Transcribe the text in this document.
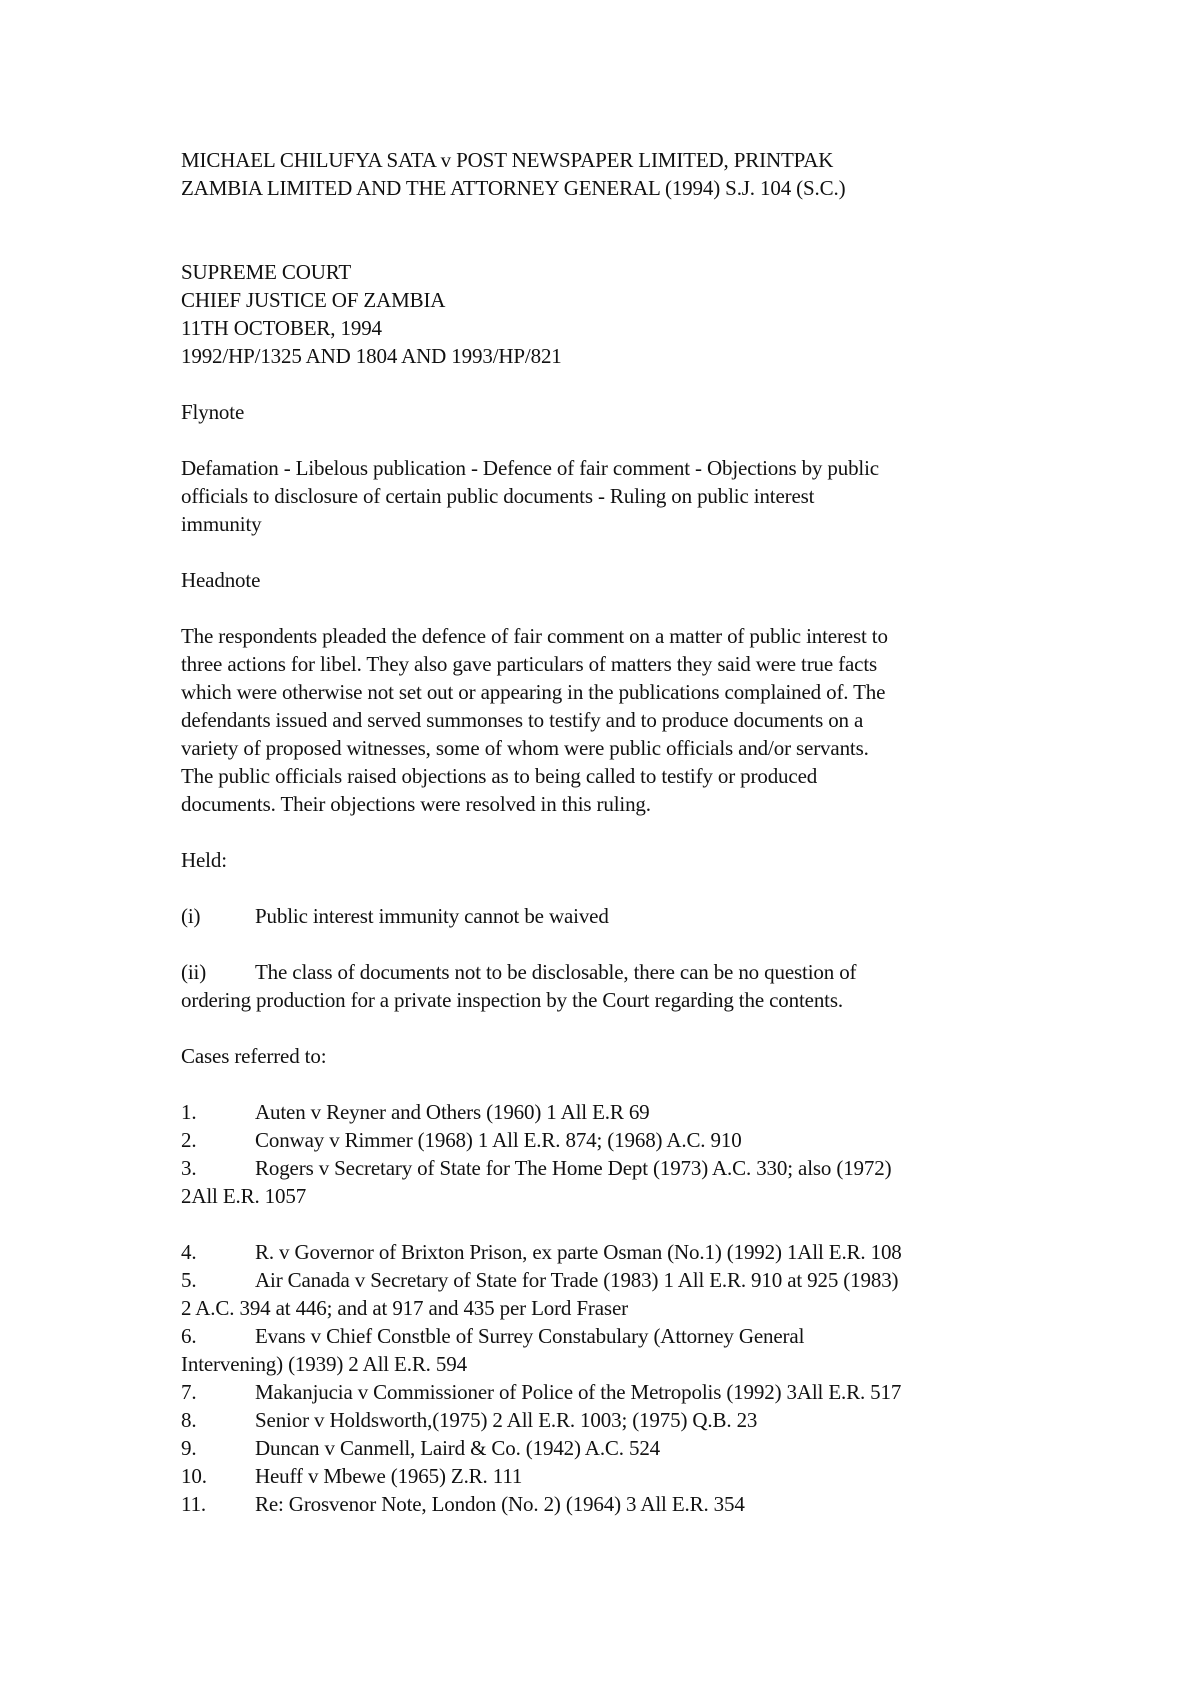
MICHAEL CHILUFYA SATA v POST NEWSPAPER LIMITED, PRINTPAK
ZAMBIA LIMITED AND THE ATTORNEY GENERAL (1994) S.J. 104 (S.C.)
SUPREME COURT
CHIEF JUSTICE OF ZAMBIA
11TH OCTOBER, 1994
1992/HP/1325 AND 1804 AND 1993/HP/821
Flynote
Defamation - Libelous publication - Defence of fair comment - Objections by public
officials to disclosure of certain public documents - Ruling on public interest
immunity
Headnote
The respondents pleaded the defence of fair comment on a matter of public interest to
three actions for libel. They also gave particulars of matters they said were true facts
which were otherwise not set out or appearing in the publications complained of. The
defendants issued and served summonses to testify and to produce documents on a
variety of proposed witnesses, some of whom were public officials and/or servants.
The public officials raised objections as to being called to testify or produced
documents. Their objections were resolved in this ruling.
Held:
(i)	Public interest immunity cannot be waived
(ii) The class of documents not to be disclosable, there can be no question of
ordering production for a private inspection by the Court regarding the contents.
Cases referred to:
1.	Auten v Reyner and Others (1960) 1 All E.R 69
2.	Conway v Rimmer (1968) 1 All E.R. 874; (1968) A.C. 910
3.	Rogers v Secretary of State for The Home Dept (1973) A.C. 330; also (1972)
2All E.R. 1057
4.	R. v Governor of Brixton Prison, ex parte Osman (No.1) (1992) 1All E.R. 108
5.	Air Canada v Secretary of State for Trade (1983) 1 All E.R. 910 at 925 (1983)
2 A.C. 394 at 446; and at 917 and 435 per Lord Fraser
6.	Evans v Chief Constble of Surrey Constabulary (Attorney General
Intervening) (1939) 2 All E.R. 594
7.	Makanjucia v Commissioner of Police of the Metropolis (1992) 3All E.R. 517
8.	Senior v Holdsworth,(1975) 2 All E.R. 1003; (1975) Q.B. 23
9.	Duncan v Canmell, Laird & Co. (1942) A.C. 524
10. Heuff v Mbewe (1965) Z.R. 111
11. Re: Grosvenor Note, London (No. 2) (1964) 3 All E.R. 354
